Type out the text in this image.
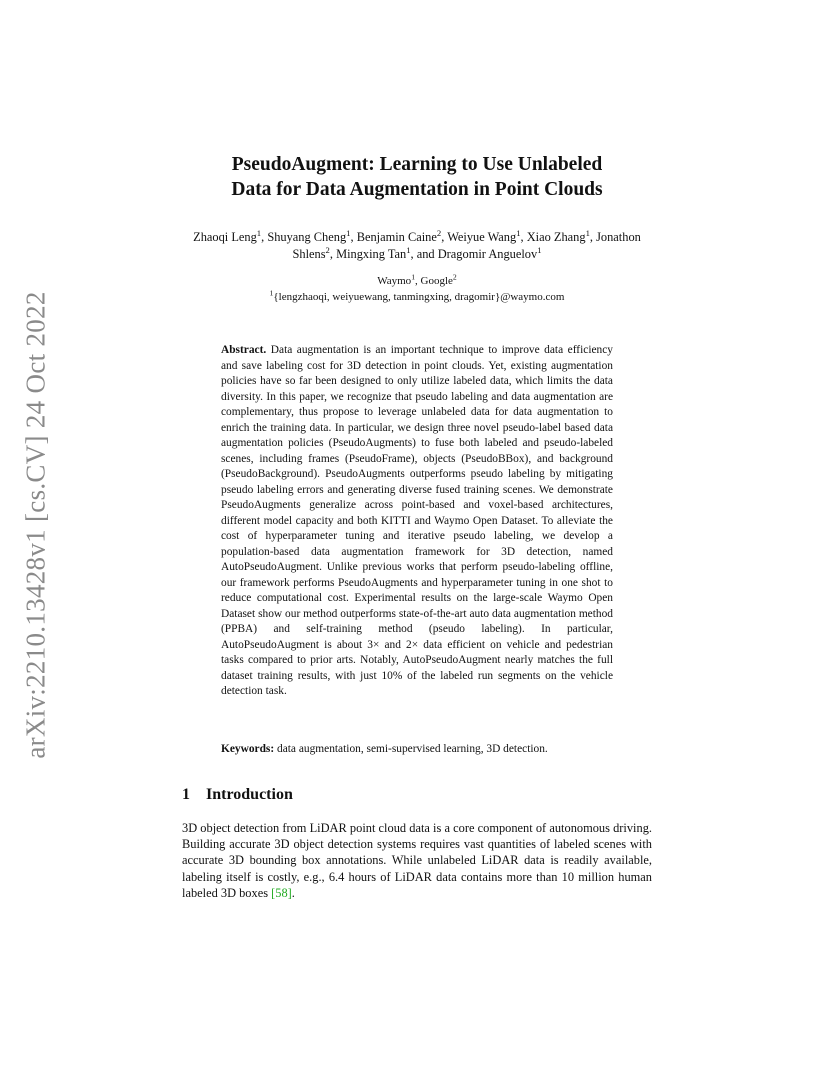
arXiv:2210.13428v1 [cs.CV] 24 Oct 2022
PseudoAugment: Learning to Use Unlabeled
Data for Data Augmentation in Point Clouds
Zhaoqi Leng$^1$, Shuyang Cheng$^1$, Benjamin Caine$^2$, Weiyue Wang$^1$, Xiao Zhang$^1$, Jonathon Shlens$^2$, Mingxing Tan$^1$, and Dragomir Anguelov$^1$
Waymo$^1$, Google$^2$
$^1${lengzhaoqi, weiyuewang, tanmingxing, dragomir}@waymo.com
Abstract. Data augmentation is an important technique to improve data efficiency and save labeling cost for 3D detection in point clouds. Yet, existing augmentation policies have so far been designed to only utilize labeled data, which limits the data diversity. In this paper, we recognize that pseudo labeling and data augmentation are complementary, thus propose to leverage unlabeled data for data augmentation to enrich the training data. In particular, we design three novel pseudo-label based data augmentation policies (PseudoAugments) to fuse both labeled and pseudo-labeled scenes, including frames (PseudoFrame), objects (PseudoBBox), and background (PseudoBackground). PseudoAugments outperforms pseudo labeling by mitigating pseudo labeling errors and generating diverse fused training scenes. We demonstrate PseudoAugments generalize across point-based and voxel-based architectures, different model capacity and both KITTI and Waymo Open Dataset. To alleviate the cost of hyperparameter tuning and iterative pseudo labeling, we develop a population-based data augmentation framework for 3D detection, named AutoPseudoAugment. Unlike previous works that perform pseudo-labeling offline, our framework performs PseudoAugments and hyperparameter tuning in one shot to reduce computational cost. Experimental results on the large-scale Waymo Open Dataset show our method outperforms state-of-the-art auto data augmentation method (PPBA) and self-training method (pseudo labeling). In particular, AutoPseudoAugment is about 3× and 2× data efficient on vehicle and pedestrian tasks compared to prior arts. Notably, AutoPseudoAugment nearly matches the full dataset training results, with just 10% of the labeled run segments on the vehicle detection task.
Keywords: data augmentation, semi-supervised learning, 3D detection.
1 Introduction
3D object detection from LiDAR point cloud data is a core component of autonomous driving. Building accurate 3D object detection systems requires vast quantities of labeled scenes with accurate 3D bounding box annotations. While unlabeled LiDAR data is readily available, labeling itself is costly, e.g., 6.4 hours of LiDAR data contains more than 10 million human labeled 3D boxes [58].
